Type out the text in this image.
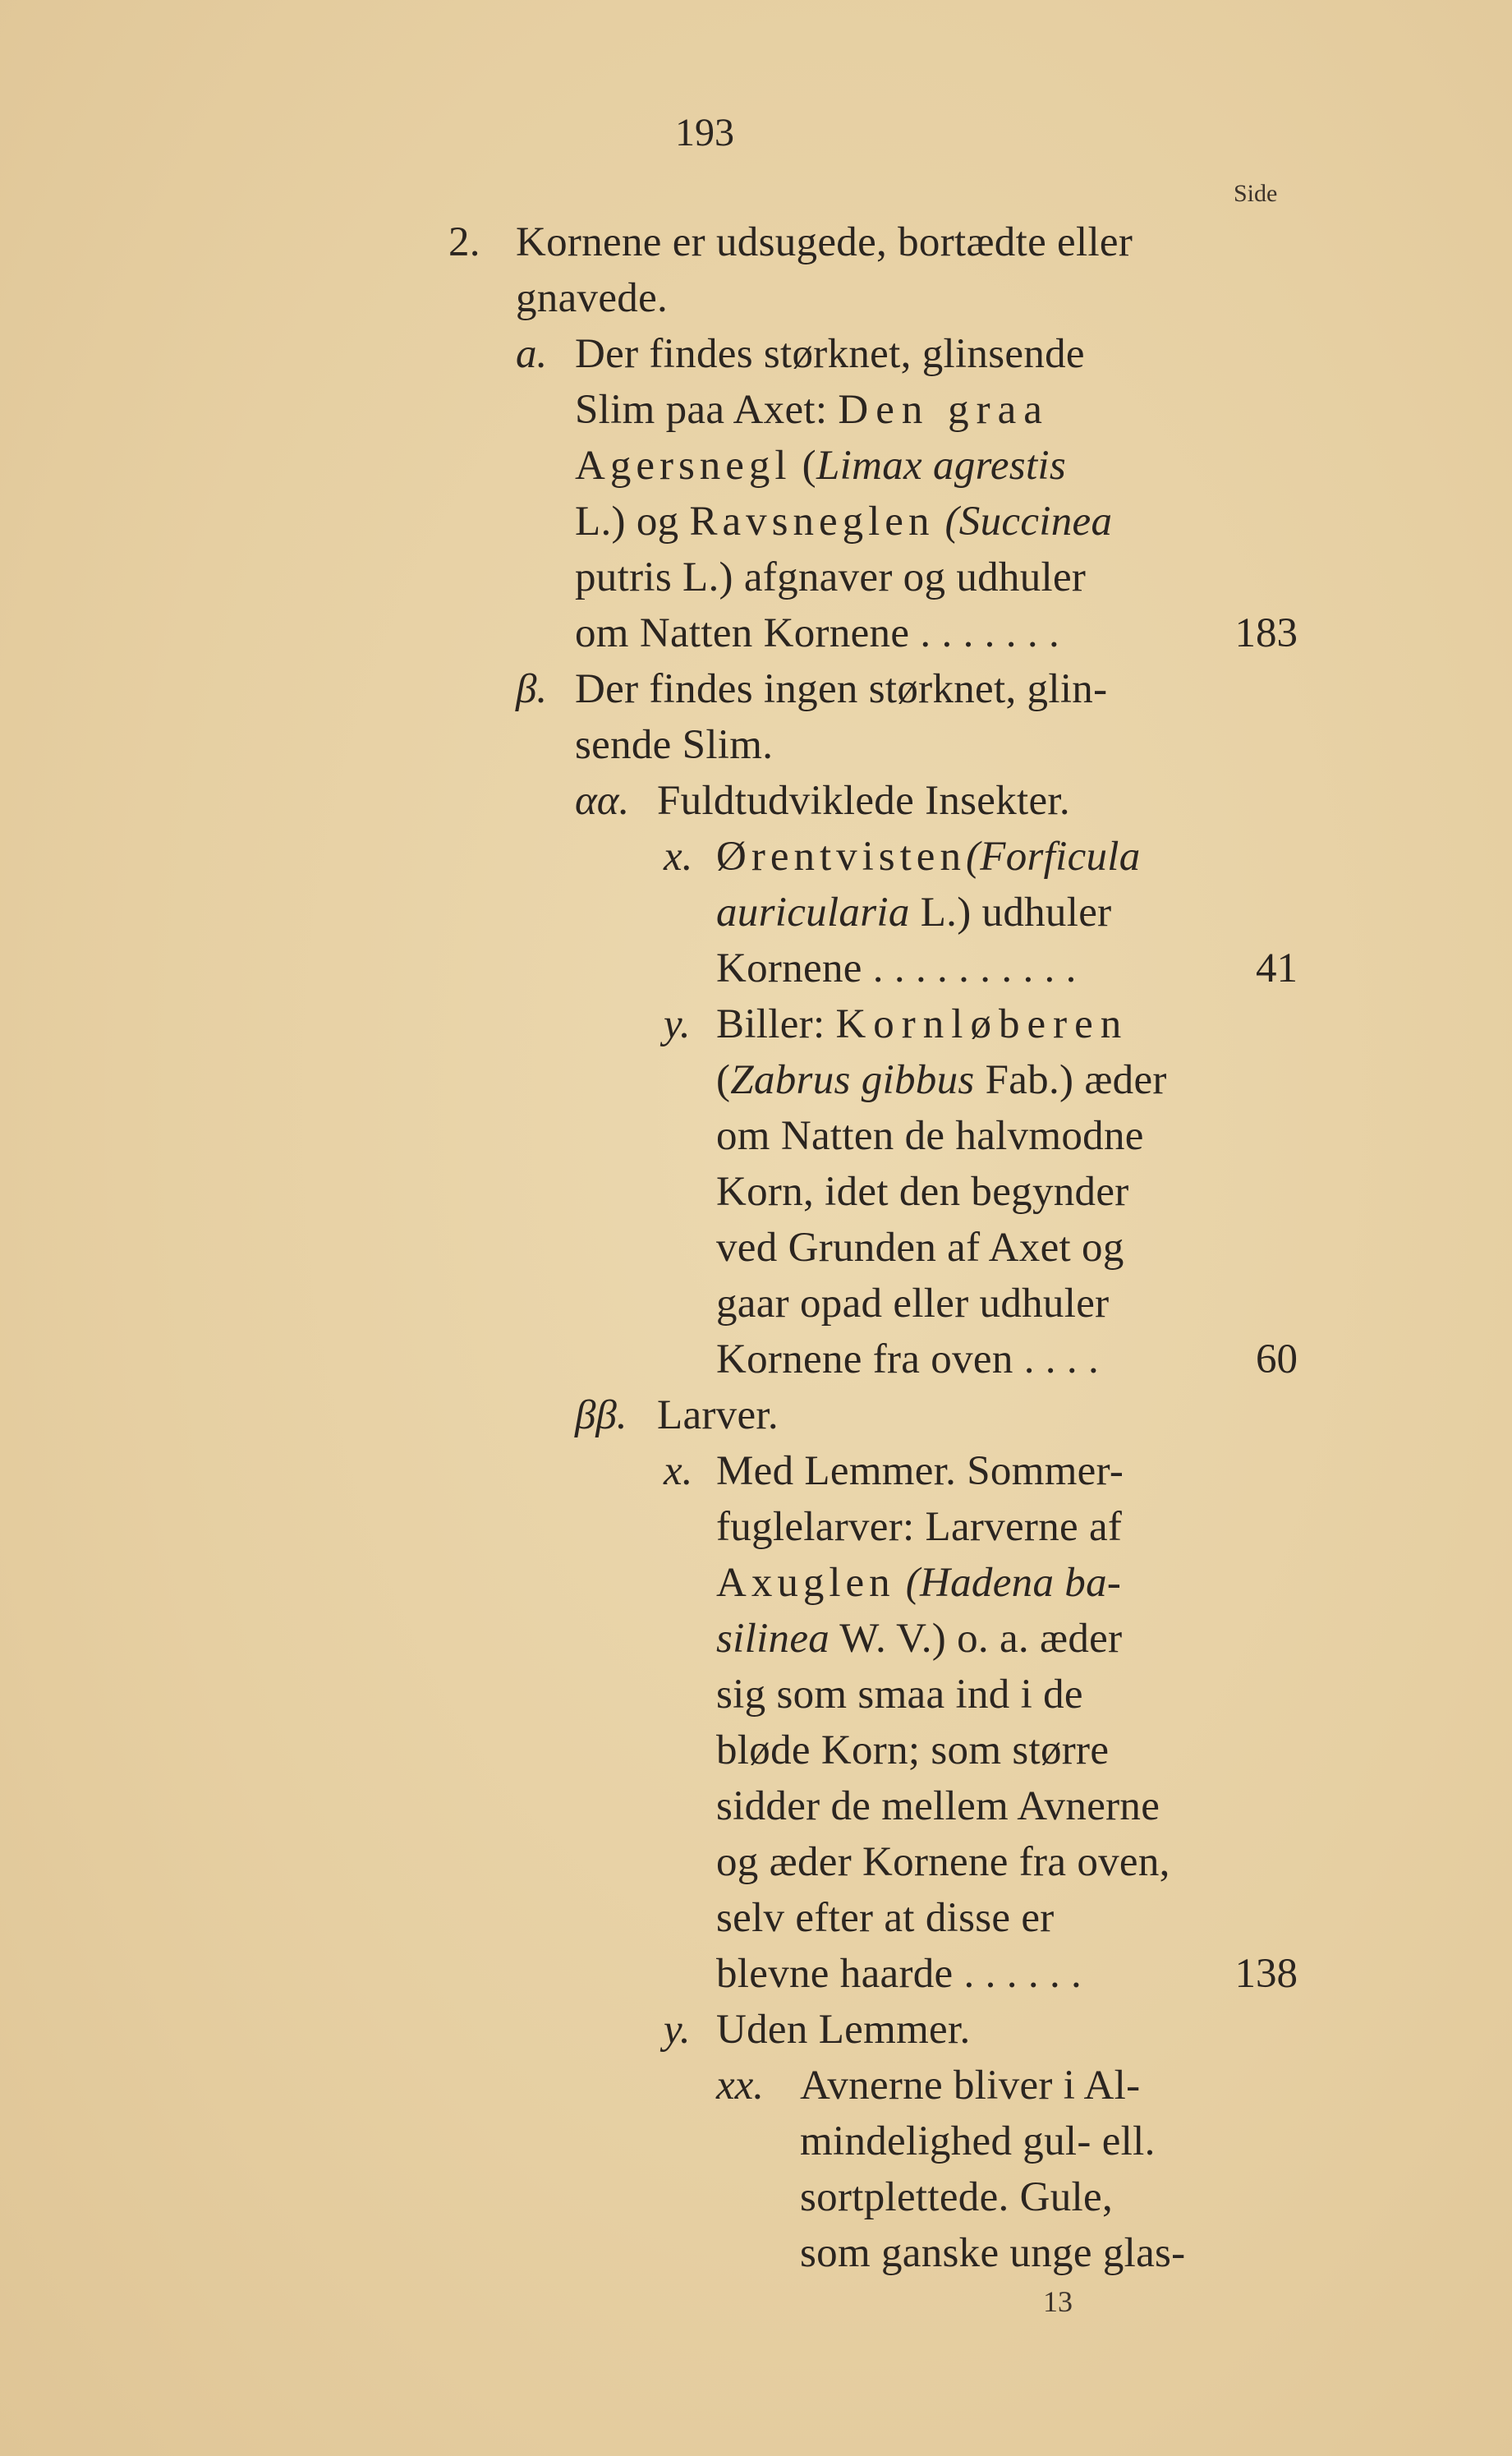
193
Side
2. Kornene er udsugede, bortædte eller
gnavede.
a. Der findes størknet, glinsende
Slim paa Axet: Den graa
Agersnegl (Limax agrestis
L.) og Ravsneglen (Succinea
putris L.) afgnaver og udhuler
om Natten Kornene . . . . . . .	183
β. Der findes ingen størknet, glin-
sende Slim.
αα. Fuldtudviklede Insekter.
x. Ørentvisten(Forficula
auricularia L.) udhuler
Kornene . . . . . . . . . .	41
y. Biller: Kornløberen
(Zabrus gibbus Fab.) æder
om Natten de halvmodne
Korn, idet den begynder
ved Grunden af Axet og
gaar opad eller udhuler
Kornene fra oven . . . .	60
ββ. Larver.
x. Med Lemmer. Sommer-
fuglelarver: Larverne af
Axuglen (Hadena ba-
silinea W. V.) o. a. æder
sig som smaa ind i de
bløde Korn; som større
sidder de mellem Avnerne
og æder Kornene fra oven,
selv efter at disse er
blevne haarde . . . . . .	138
y. Uden Lemmer.
xx. Avnerne bliver i Al-
mindelighed gul- ell.
sortplettede. Gule,
som ganske unge glas-
13
